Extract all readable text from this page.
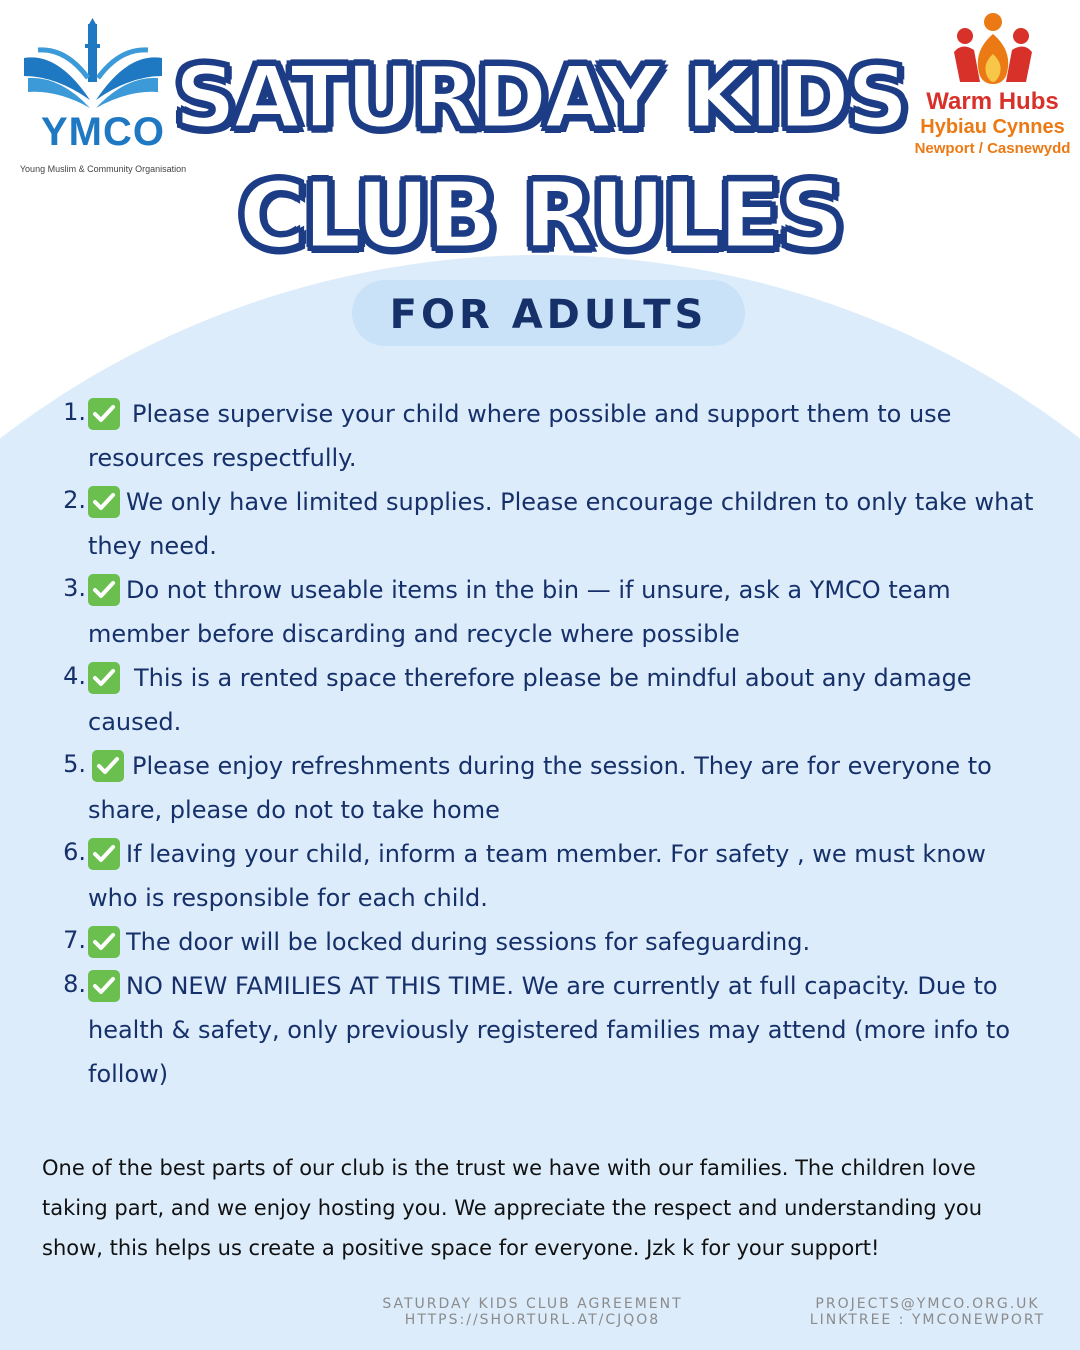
YMCO
Young Muslim & Community Organisation
Warm Hubs
Hybiau Cynnes
Newport / Casnewydd
SATURDAY KIDS
CLUB RULES
FOR ADULTS
1.	Please supervise your child where possible and support them to use resources respectfully.
2.	We only have limited supplies. Please encourage children to only take what they need.
3.	Do not throw useable items in the bin — if unsure, ask a YMCO team member before discarding and recycle where possible
4.	This is a rented space therefore please be mindful about any damage caused.
5.	Please enjoy refreshments during the session. They are for everyone to share, please do not to take home
6.	If leaving your child, inform a team member. For safety , we must know who is responsible for each child.
7.	The door will be locked during sessions for safeguarding.
8.	NO NEW FAMILIES AT THIS TIME. We are currently at full capacity. Due to health & safety, only previously registered families may attend (more info to follow)
One of the best parts of our club is the trust we have with our families. The children love taking part, and we enjoy hosting you. We appreciate the respect and understanding you show, this helps us create a positive space for everyone. Jzk k for your support!
SATURDAY KIDS CLUB AGREEMENT
HTTPS://SHORTURL.AT/CJQO8
PROJECTS@YMCO.ORG.UK
LINKTREE : YMCONEWPORT
